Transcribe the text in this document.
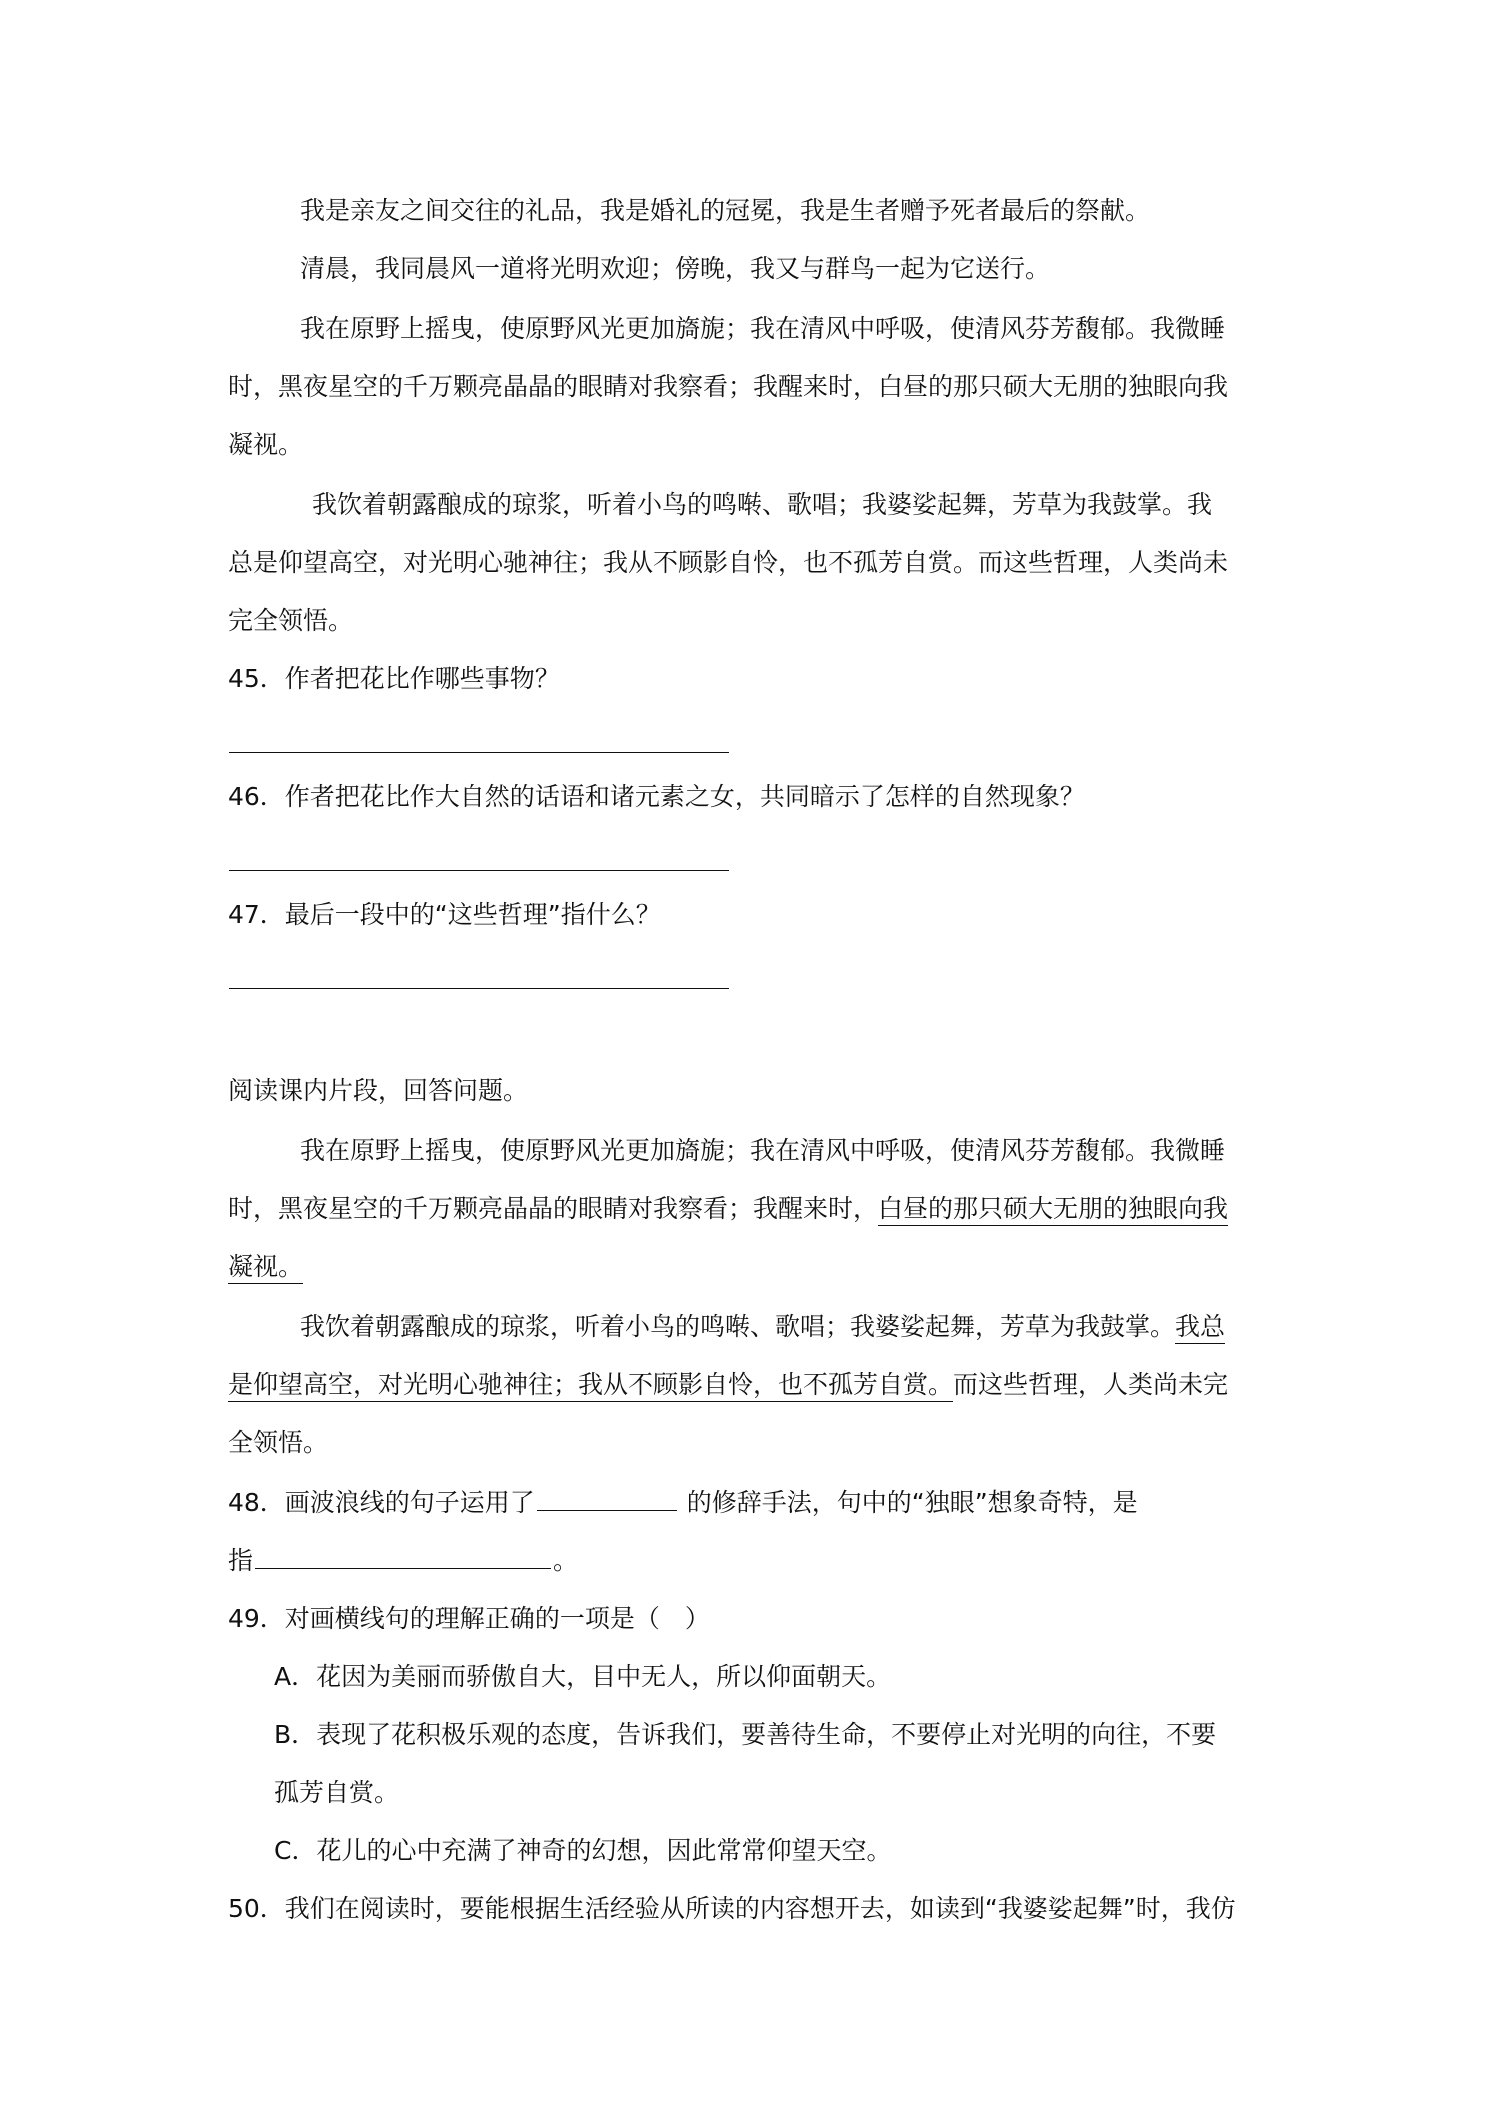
我是亲友之间交往的礼品，我是婚礼的冠冕，我是生者赠予死者最后的祭献。
清晨，我同晨风一道将光明欢迎；傍晚，我又与群鸟一起为它送行。
我在原野上摇曳，使原野风光更加旖旎；我在清风中呼吸，使清风芬芳馥郁。我微睡
时，黑夜星空的千万颗亮晶晶的眼睛对我察看；我醒来时，白昼的那只硕大无朋的独眼向我
凝视。
我饮着朝露酿成的琼浆，听着小鸟的鸣啭、歌唱；我婆娑起舞，芳草为我鼓掌。我
总是仰望高空，对光明心驰神往；我从不顾影自怜，也不孤芳自赏。而这些哲理，人类尚未
完全领悟。
45．作者把花比作哪些事物？
46．作者把花比作大自然的话语和诸元素之女，共同暗示了怎样的自然现象？
47．最后一段中的“这些哲理”指什么？
阅读课内片段，回答问题。
我在原野上摇曳，使原野风光更加旖旎；我在清风中呼吸，使清风芬芳馥郁。我微睡
时，黑夜星空的千万颗亮晶晶的眼睛对我察看；我醒来时，白昼的那只硕大无朋的独眼向我
凝视。
我饮着朝露酿成的琼浆，听着小鸟的鸣啭、歌唱；我婆娑起舞，芳草为我鼓掌。我总
是仰望高空，对光明心驰神往；我从不顾影自怜，也不孤芳自赏。而这些哲理，人类尚未完
全领悟。
48．画波浪线的句子运用了	的修辞手法，句中的“独眼”想象奇特，是
指	。
49．对画横线句的理解正确的一项是（　）
A．花因为美丽而骄傲自大，目中无人，所以仰面朝天。
B．表现了花积极乐观的态度，告诉我们，要善待生命，不要停止对光明的向往，不要
孤芳自赏。
C．花儿的心中充满了神奇的幻想，因此常常仰望天空。
50．我们在阅读时，要能根据生活经验从所读的内容想开去，如读到“我婆娑起舞”时，我仿
